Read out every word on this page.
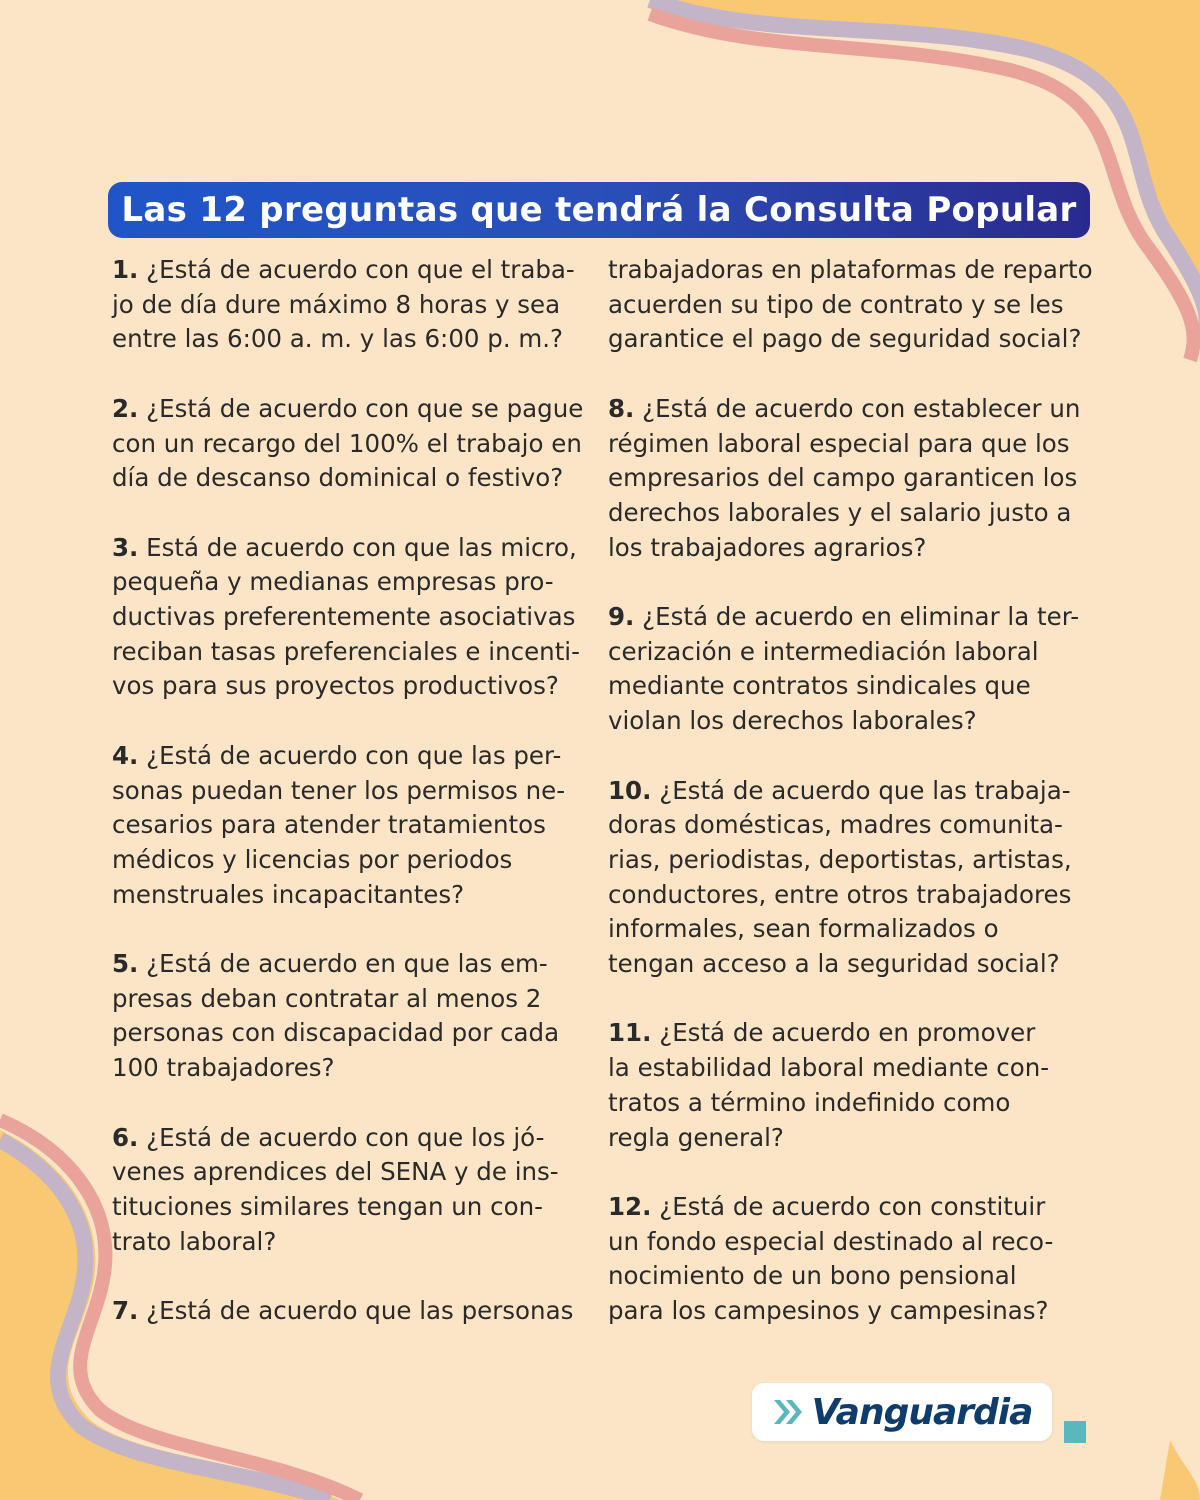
Las 12 preguntas que tendrá la Consulta Popular

1. ¿Está de acuerdo con que el traba-
jo de día dure máximo 8 horas y sea
entre las 6:00 a. m. y las 6:00 p. m.?

2. ¿Está de acuerdo con que se pague
con un recargo del 100% el trabajo en
día de descanso dominical o festivo?

3. Está de acuerdo con que las micro,
pequeña y medianas empresas pro-
ductivas preferentemente asociativas
reciban tasas preferenciales e incenti-
vos para sus proyectos productivos?

4. ¿Está de acuerdo con que las per-
sonas puedan tener los permisos ne-
cesarios para atender tratamientos
médicos y licencias por periodos
menstruales incapacitantes?

5. ¿Está de acuerdo en que las em-
presas deban contratar al menos 2
personas con discapacidad por cada
100 trabajadores?

6. ¿Está de acuerdo con que los jó-
venes aprendices del SENA y de ins-
tituciones similares tengan un con-
trato laboral?

7. ¿Está de acuerdo que las personas

trabajadoras en plataformas de reparto
acuerden su tipo de contrato y se les
garantice el pago de seguridad social?

8. ¿Está de acuerdo con establecer un
régimen laboral especial para que los
empresarios del campo garanticen los
derechos laborales y el salario justo a
los trabajadores agrarios?

9. ¿Está de acuerdo en eliminar la ter-
cerización e intermediación laboral
mediante contratos sindicales que
violan los derechos laborales?

10. ¿Está de acuerdo que las trabaja-
doras domésticas, madres comunita-
rias, periodistas, deportistas, artistas,
conductores, entre otros trabajadores
informales, sean formalizados o
tengan acceso a la seguridad social?

11. ¿Está de acuerdo en promover
la estabilidad laboral mediante con-
tratos a término indefinido como
regla general?

12. ¿Está de acuerdo con constituir
un fondo especial destinado al reco-
nocimiento de un bono pensional
para los campesinos y campesinas?

Vanguardia
